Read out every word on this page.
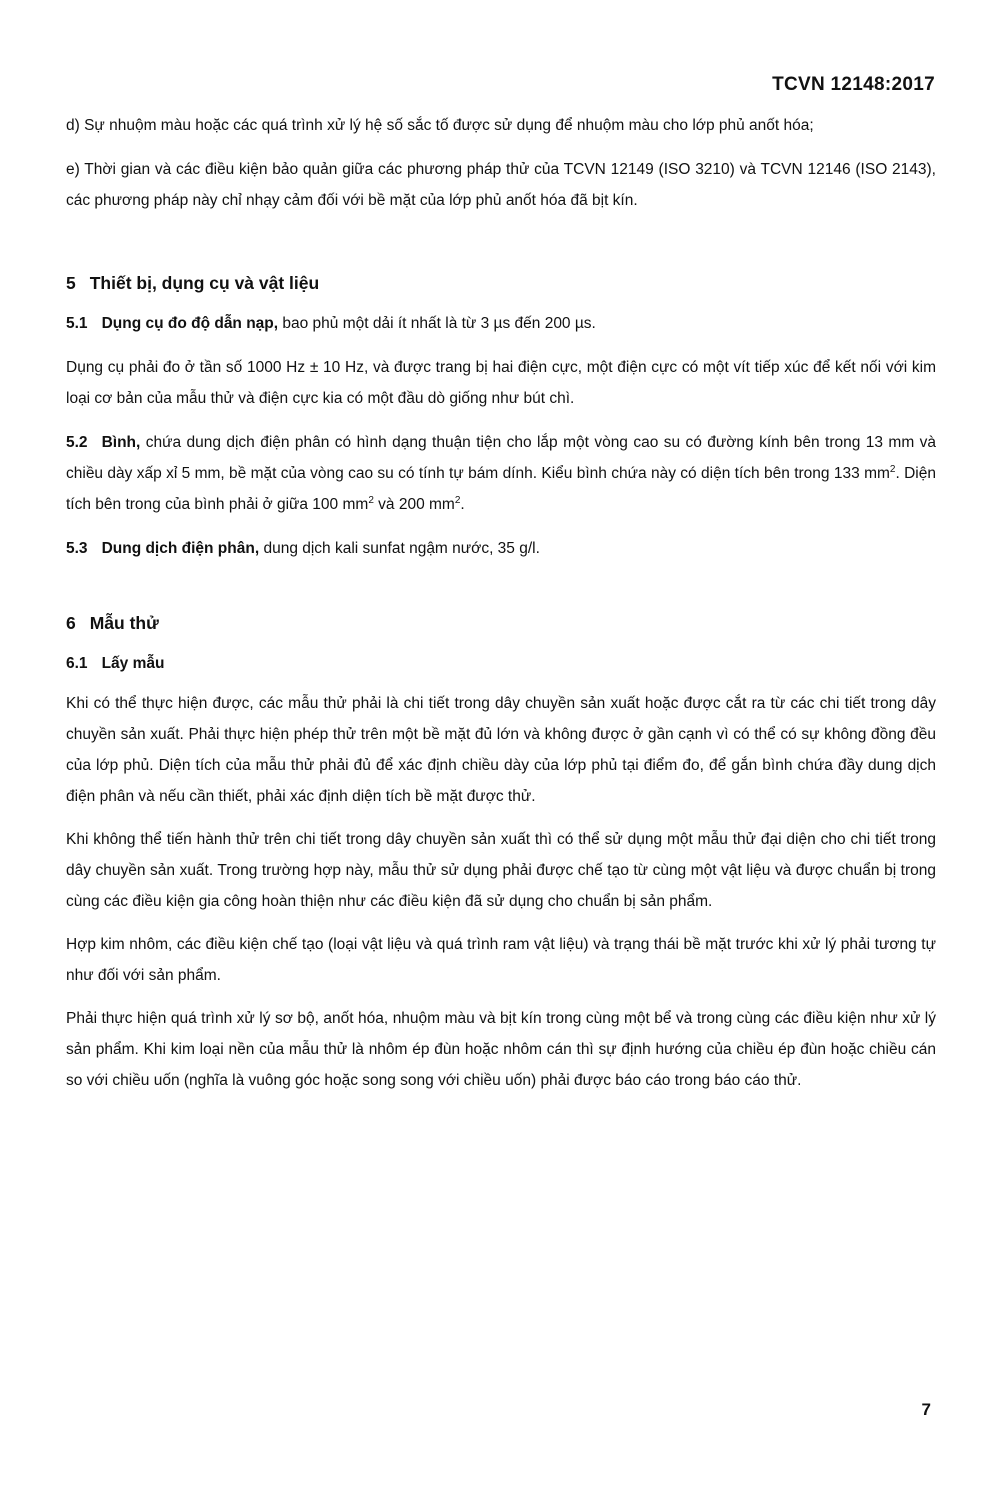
TCVN 12148:2017

d) Sự nhuộm màu hoặc các quá trình xử lý hệ số sắc tố được sử dụng để nhuộm màu cho lớp phủ anốt hóa;

e) Thời gian và các điều kiện bảo quản giữa các phương pháp thử của TCVN 12149 (ISO 3210) và TCVN 12146 (ISO 2143), các phương pháp này chỉ nhạy cảm đối với bề mặt của lớp phủ anốt hóa đã bịt kín.

5 Thiết bị, dụng cụ và vật liệu

5.1 Dụng cụ đo độ dẫn nạp, bao phủ một dải ít nhất là từ 3 µs đến 200 µs.

Dụng cụ phải đo ở tần số 1000 Hz ± 10 Hz, và được trang bị hai điện cực, một điện cực có một vít tiếp xúc để kết nối với kim loại cơ bản của mẫu thử và điện cực kia có một đầu dò giống như bút chì.

5.2 Bình, chứa dung dịch điện phân có hình dạng thuận tiện cho lắp một vòng cao su có đường kính bên trong 13 mm và chiều dày xấp xỉ 5 mm, bề mặt của vòng cao su có tính tự bám dính. Kiểu bình chứa này có diện tích bên trong 133 $mm^2$. Diện tích bên trong của bình phải ở giữa 100 $mm^2$ và 200 $mm^2$.

5.3 Dung dịch điện phân, dung dịch kali sunfat ngậm nước, 35 g/l.

6 Mẫu thử

6.1 Lấy mẫu

Khi có thể thực hiện được, các mẫu thử phải là chi tiết trong dây chuyền sản xuất hoặc được cắt ra từ các chi tiết trong dây chuyền sản xuất. Phải thực hiện phép thử trên một bề mặt đủ lớn và không được ở gần cạnh vì có thể có sự không đồng đều của lớp phủ. Diện tích của mẫu thử phải đủ để xác định chiều dày của lớp phủ tại điểm đo, để gắn bình chứa đầy dung dịch điện phân và nếu cần thiết, phải xác định diện tích bề mặt được thử.

Khi không thể tiến hành thử trên chi tiết trong dây chuyền sản xuất thì có thể sử dụng một mẫu thử đại diện cho chi tiết trong dây chuyền sản xuất. Trong trường hợp này, mẫu thử sử dụng phải được chế tạo từ cùng một vật liệu và được chuẩn bị trong cùng các điều kiện gia công hoàn thiện như các điều kiện đã sử dụng cho chuẩn bị sản phẩm.

Hợp kim nhôm, các điều kiện chế tạo (loại vật liệu và quá trình ram vật liệu) và trạng thái bề mặt trước khi xử lý phải tương tự như đối với sản phẩm.

Phải thực hiện quá trình xử lý sơ bộ, anốt hóa, nhuộm màu và bịt kín trong cùng một bể và trong cùng các điều kiện như xử lý sản phẩm. Khi kim loại nền của mẫu thử là nhôm ép đùn hoặc nhôm cán thì sự định hướng của chiều ép đùn hoặc chiều cán so với chiều uốn (nghĩa là vuông góc hoặc song song với chiều uốn) phải được báo cáo trong báo cáo thử.

7
